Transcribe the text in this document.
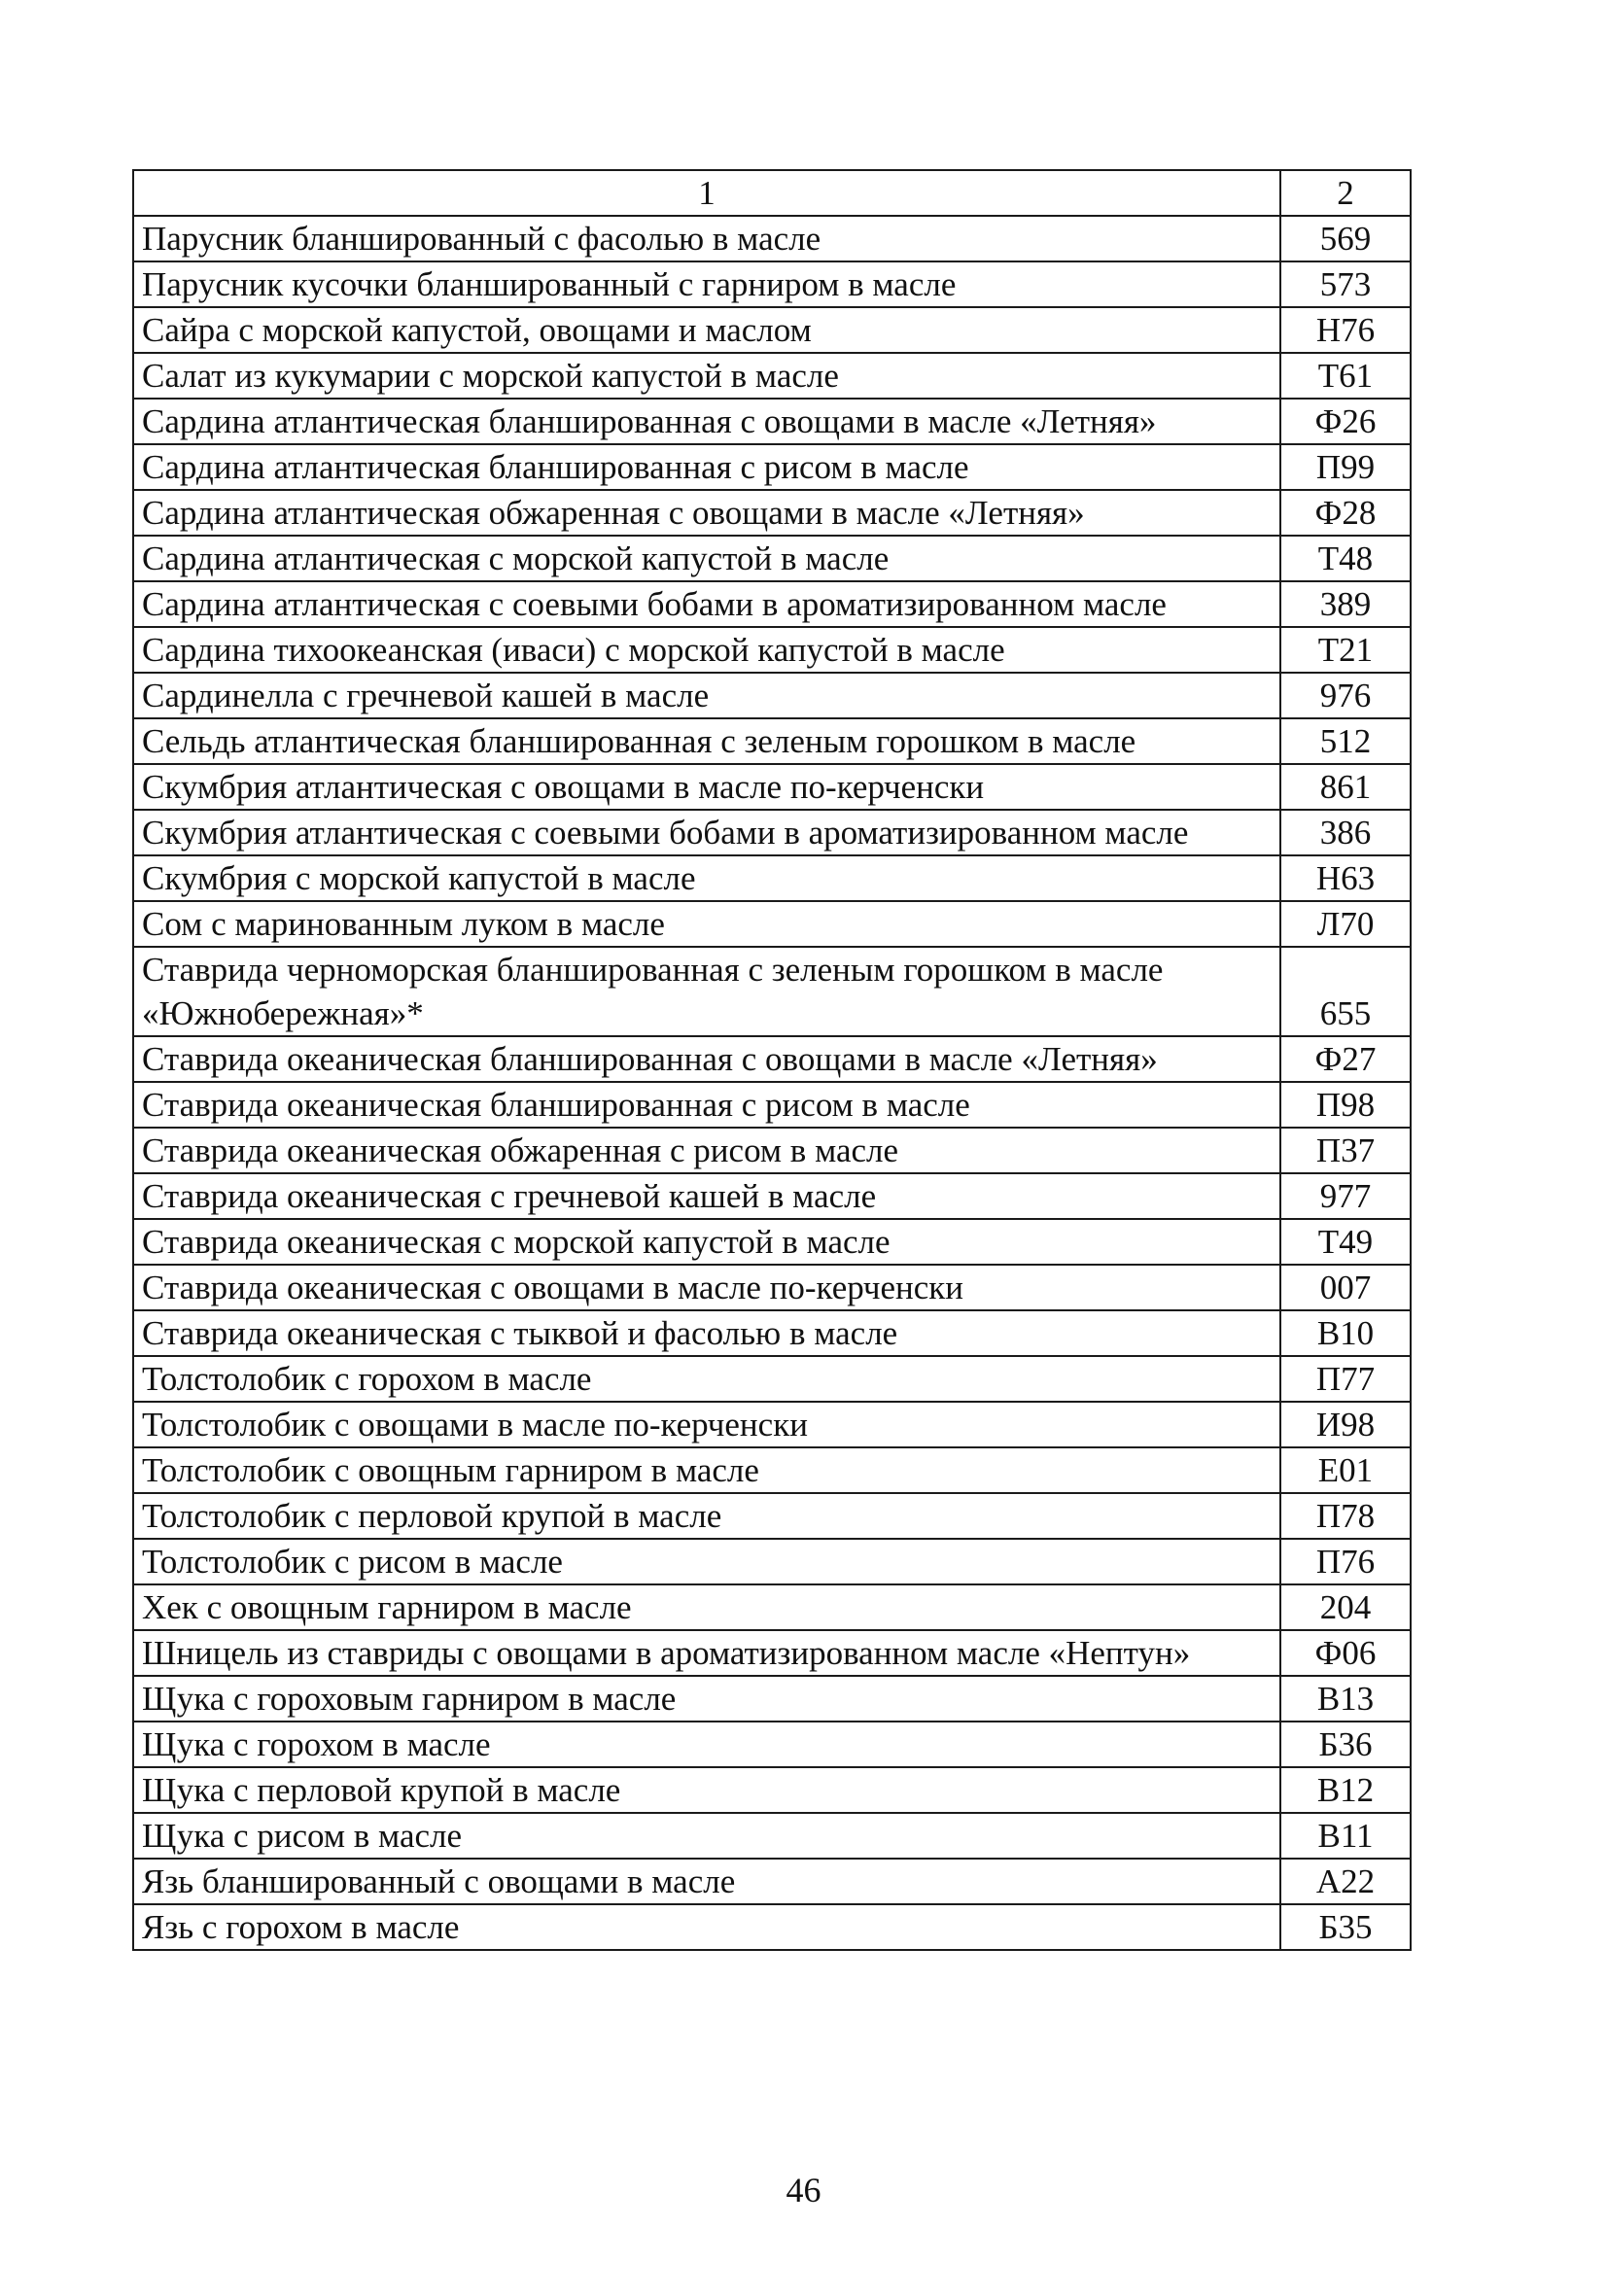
1	2
Парусник бланшированный с фасолью в масле	569
Парусник кусочки бланшированный с гарниром в масле	573
Сайра с морской капустой, овощами и маслом	Н76
Салат из кукумарии с морской капустой в масле	Т61
Сардина атлантическая бланшированная с овощами в масле «Летняя»	Ф26
Сардина атлантическая бланшированная с рисом в масле	П99
Сардина атлантическая обжаренная с овощами в масле «Летняя»	Ф28
Сардина атлантическая с морской капустой в масле	Т48
Сардина атлантическая с соевыми бобами в ароматизированном масле	389
Сардина тихоокеанская (иваси) с морской капустой в масле	Т21
Сардинелла с гречневой кашей в масле	976
Сельдь атлантическая бланшированная с зеленым горошком в масле	512
Скумбрия атлантическая с овощами в масле по-керченски	861
Скумбрия атлантическая с соевыми бобами в ароматизированном масле	386
Скумбрия с морской капустой в масле	Н63
Сом с маринованным луком в масле	Л70
Ставрида черноморская бланшированная с зеленым горошком в масле «Южнобережная»*	655
Ставрида океаническая бланшированная с овощами в масле «Летняя»	Ф27
Ставрида океаническая бланшированная с рисом в масле	П98
Ставрида океаническая обжаренная с рисом в масле	П37
Ставрида океаническая с гречневой кашей в масле	977
Ставрида океаническая с морской капустой в масле	Т49
Ставрида океаническая с овощами в масле по-керченски	007
Ставрида океаническая с тыквой и фасолью в масле	В10
Толстолобик с горохом в масле	П77
Толстолобик с овощами в масле по-керченски	И98
Толстолобик с овощным гарниром в масле	Е01
Толстолобик с перловой крупой в масле	П78
Толстолобик с рисом в масле	П76
Хек с овощным гарниром в масле	204
Шницель из ставриды с овощами в ароматизированном масле «Нептун»	Ф06
Щука с гороховым гарниром в масле	В13
Щука с горохом в масле	Б36
Щука с перловой крупой в масле	В12
Щука с рисом в масле	В11
Язь бланшированный с овощами в масле	А22
Язь с горохом в масле	Б35
46
